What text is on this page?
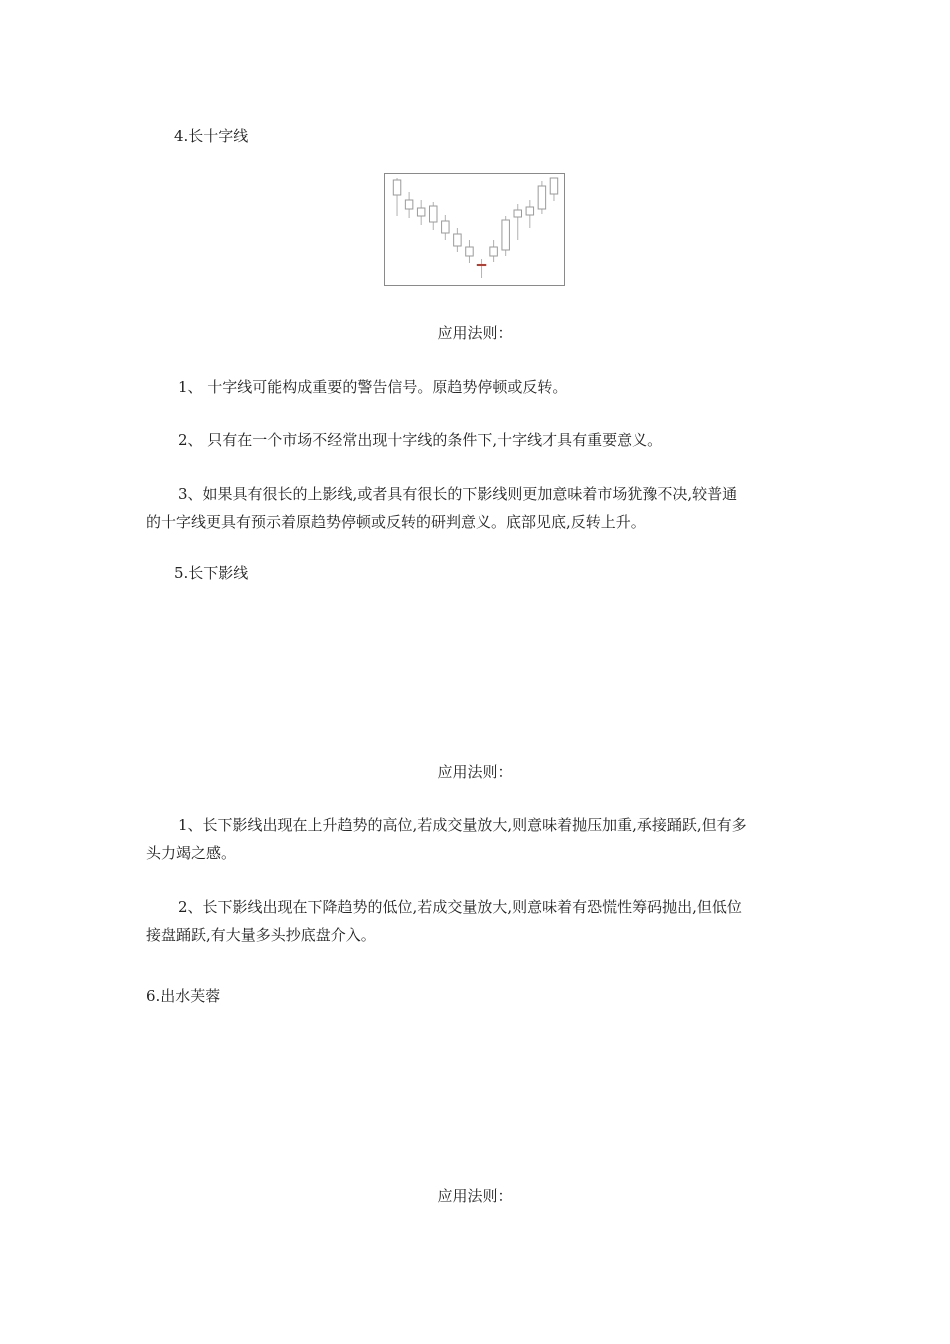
4.长十字线
应用法则：
1、 十字线可能构成重要的警告信号。原趋势停顿或反转。
2、 只有在一个市场不经常出现十字线的条件下,十字线才具有重要意义。
3、如果具有很长的上影线,或者具有很长的下影线则更加意味着市场犹豫不决,较普通
的十字线更具有预示着原趋势停顿或反转的研判意义。底部见底,反转上升。
5.长下影线
应用法则：
1、长下影线出现在上升趋势的高位,若成交量放大,则意味着抛压加重,承接踊跃,但有多
头力竭之感。
2、长下影线出现在下降趋势的低位,若成交量放大,则意味着有恐慌性筹码抛出,但低位
接盘踊跃,有大量多头抄底盘介入。
6.出水芙蓉
应用法则：
